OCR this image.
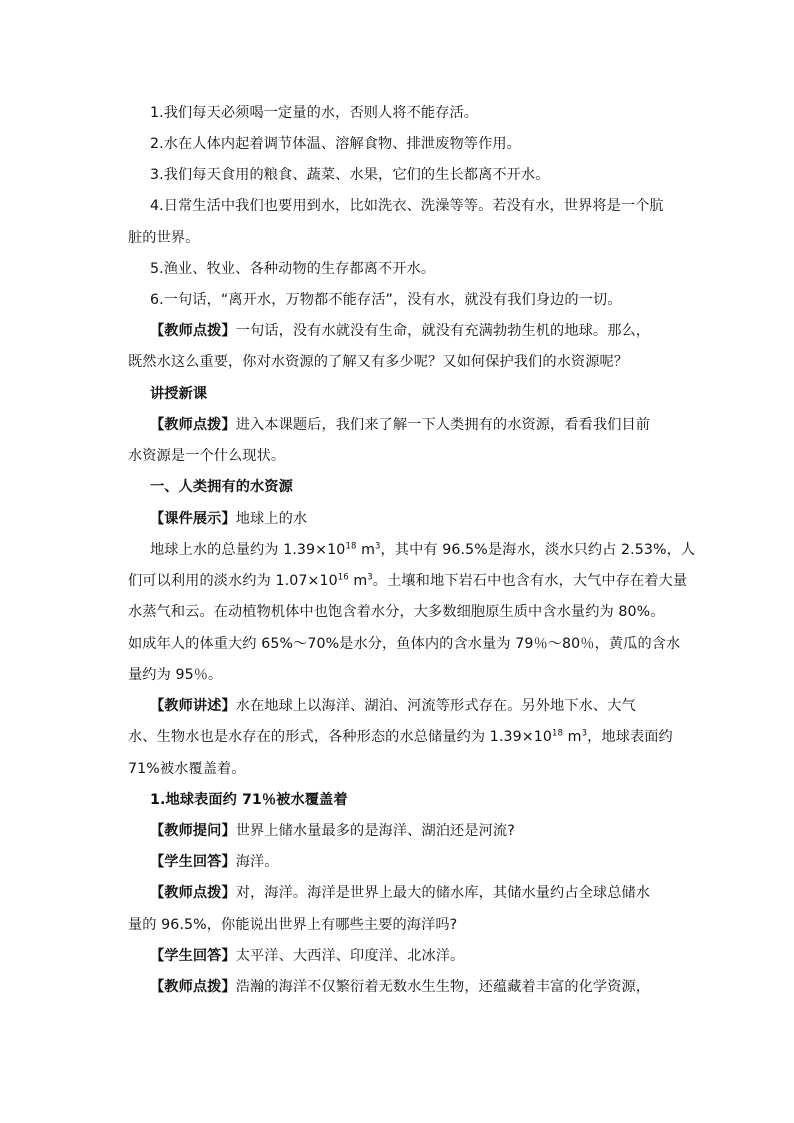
1.我们每天必须喝一定量的水，否则人将不能存活。
2.水在人体内起着调节体温、溶解食物、排泄废物等作用。
3.我们每天食用的粮食、蔬菜、水果，它们的生长都离不开水。
4.日常生活中我们也要用到水，比如洗衣、洗澡等等。若没有水，世界将是一个肮
脏的世界。
5.渔业、牧业、各种动物的生存都离不开水。
6.一句话，“离开水，万物都不能存活”，没有水，就没有我们身边的一切。
【教师点拨】一句话，没有水就没有生命，就没有充满勃勃生机的地球。那么，
既然水这么重要，你对水资源的了解又有多少呢？又如何保护我们的水资源呢？
讲授新课
【教师点拨】进入本课题后，我们来了解一下人类拥有的水资源，看看我们目前
水资源是一个什么现状。
一、人类拥有的水资源
【课件展示】地球上的水
地球上水的总量约为 $1.39\times 10^{18}$ $m^3$，其中有 96.5%是海水，淡水只约占 2.53%，人
们可以利用的淡水约为 $1.07\times 10^{16}$ $m^3$。土壤和地下岩石中也含有水，大气中存在着大量
水蒸气和云。在动植物机体中也饱含着水分，大多数细胞原生质中含水量约为 80%。
如成年人的体重大约 65%～70%是水分，鱼体内的含水量为 79％～80％，黄瓜的含水
量约为 95％。
【教师讲述】水在地球上以海洋、湖泊、河流等形式存在。另外地下水、大气
水、生物水也是水存在的形式，各种形态的水总储量约为 $1.39\times 10^{18}$ $m^3$，地球表面约
71%被水覆盖着。
1.地球表面约 71％被水覆盖着
【教师提问】世界上储水量最多的是海洋、湖泊还是河流?
【学生回答】海洋。
【教师点拨】对，海洋。海洋是世界上最大的储水库，其储水量约占全球总储水
量的 96.5%，你能说出世界上有哪些主要的海洋吗?
【学生回答】太平洋、大西洋、印度洋、北冰洋。
【教师点拨】浩瀚的海洋不仅繁衍着无数水生生物，还蕴藏着丰富的化学资源，
